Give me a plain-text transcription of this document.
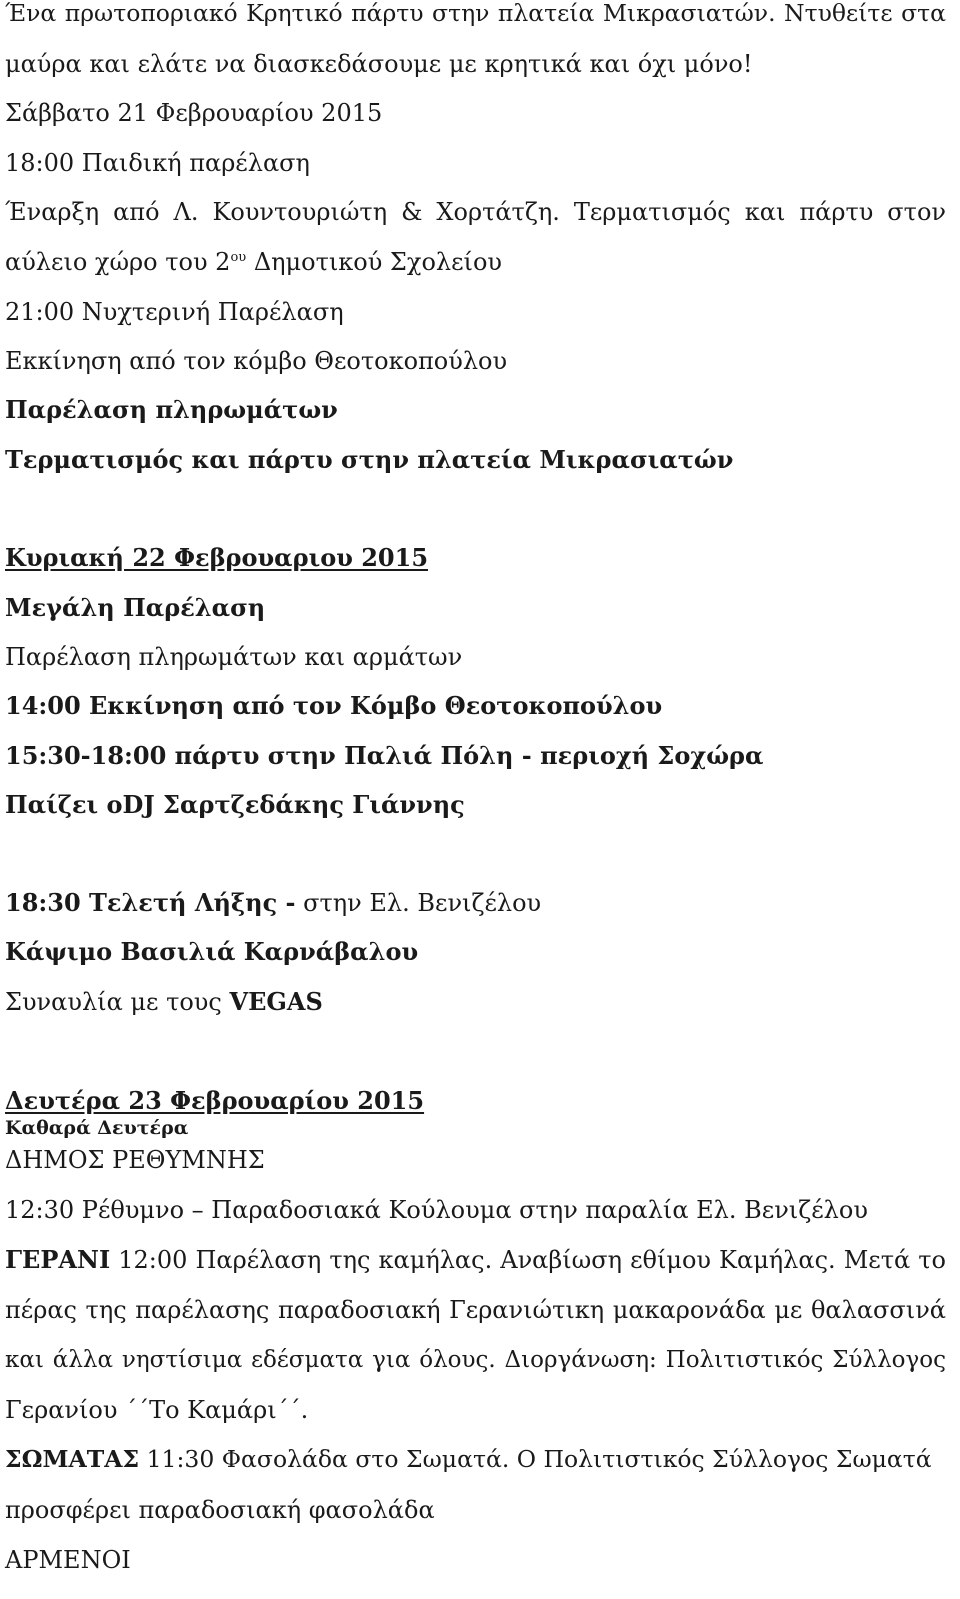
Ένα πρωτοποριακό Κρητικό πάρτυ στην πλατεία Μικρασιατών. Ντυθείτε στα
μαύρα και ελάτε να διασκεδάσουμε με κρητικά και όχι μόνο!
Σάββατο 21 Φεβρουαρίου 2015
18:00 Παιδική παρέλαση
Έναρξη από Λ. Κουντουριώτη & Χορτάτζη. Τερματισμός και πάρτυ στον
αύλειο χώρο του $2^{o\upsilon}$ Δημοτικού Σχολείου
21:00 Νυχτερινή Παρέλαση
Εκκίνηση από τον κόμβο Θεοτοκοπούλου
Παρέλαση πληρωμάτων
Τερματισμός και πάρτυ στην πλατεία Μικρασιατών
Κυριακή 22 Φεβρουαριου 2015
Μεγάλη Παρέλαση
Παρέλαση πληρωμάτων και αρμάτων
14:00 Εκκίνηση από τον Κόμβο Θεοτοκοπούλου
15:30-18:00 πάρτυ στην Παλιά Πόλη - περιοχή Σοχώρα
Παίζει οDJ Σαρτζεδάκης Γιάννης
18:30 Τελετή Λήξης - στην Ελ. Βενιζέλου
Κάψιμο Βασιλιά Καρνάβαλου
Συναυλία με τους VEGAS
Δευτέρα 23 Φεβρουαρίου 2015
Καθαρά Δευτέρα
ΔΗΜΟΣ ΡΕΘΥΜΝΗΣ
12:30 Ρέθυμνο – Παραδοσιακά Κούλουμα στην παραλία Ελ. Βενιζέλου
ΓΕΡΑΝΙ 12:00 Παρέλαση της καμήλας. Αναβίωση εθίμου Καμήλας. Μετά το
πέρας της παρέλασης παραδοσιακή Γερανιώτικη μακαρονάδα με θαλασσινά
και άλλα νηστίσιμα εδέσματα για όλους. Διοργάνωση: Πολιτιστικός Σύλλογος
Γερανίου ΄΄Το Καμάρι΄΄.
ΣΩΜΑΤΑΣ 11:30 Φασολάδα στο Σωματά. Ο Πολιτιστικός Σύλλογος Σωματά
προσφέρει παραδοσιακή φασολάδα
ΑΡΜΕΝΟΙ
